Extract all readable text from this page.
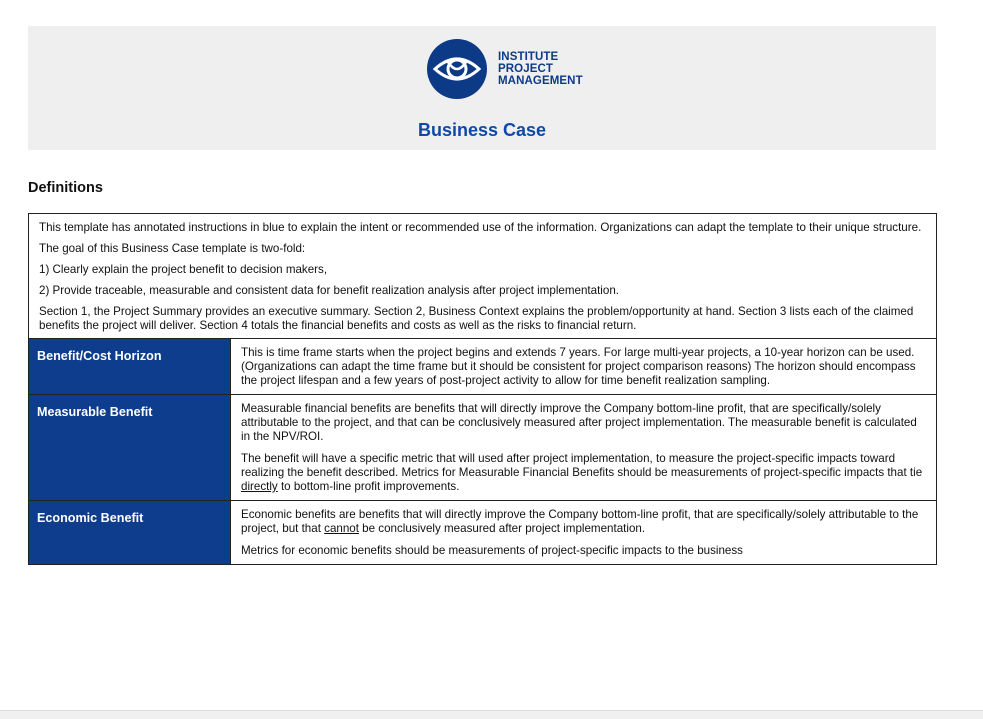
INSTITUTE
PROJECT
MANAGEMENT
Business Case
Definitions

This template has annotated instructions in blue to explain the intent or recommended use of the information. Organizations can adapt the template to their unique structure.

The goal of this Business Case template is two-fold:

1) Clearly explain the project benefit to decision makers,

2) Provide traceable, measurable and consistent data for benefit realization analysis after project implementation.

Section 1, the Project Summary provides an executive summary. Section 2, Business Context explains the problem/opportunity at hand. Section 3 lists each of the claimed benefits the project will deliver. Section 4 totals the financial benefits and costs as well as the risks to financial return.

Benefit/Cost Horizon	This is time frame starts when the project begins and extends 7 years. For large multi-year projects, a 10-year horizon can be used. (Organizations can adapt the time frame but it should be consistent for project comparison reasons) The horizon should encompass the project lifespan and a few years of post-project activity to allow for time benefit realization sampling.

Measurable Benefit	Measurable financial benefits are benefits that will directly improve the Company bottom-line profit, that are specifically/solely attributable to the project, and that can be conclusively measured after project implementation. The measurable benefit is calculated in the NPV/ROI.

The benefit will have a specific metric that will used after project implementation, to measure the project-specific impacts toward realizing the benefit described. Metrics for Measurable Financial Benefits should be measurements of project-specific impacts that tie directly to bottom-line profit improvements.

Economic Benefit	Economic benefits are benefits that will directly improve the Company bottom-line profit, that are specifically/solely attributable to the project, but that cannot be conclusively measured after project implementation.

Metrics for economic benefits should be measurements of project-specific impacts to the business
